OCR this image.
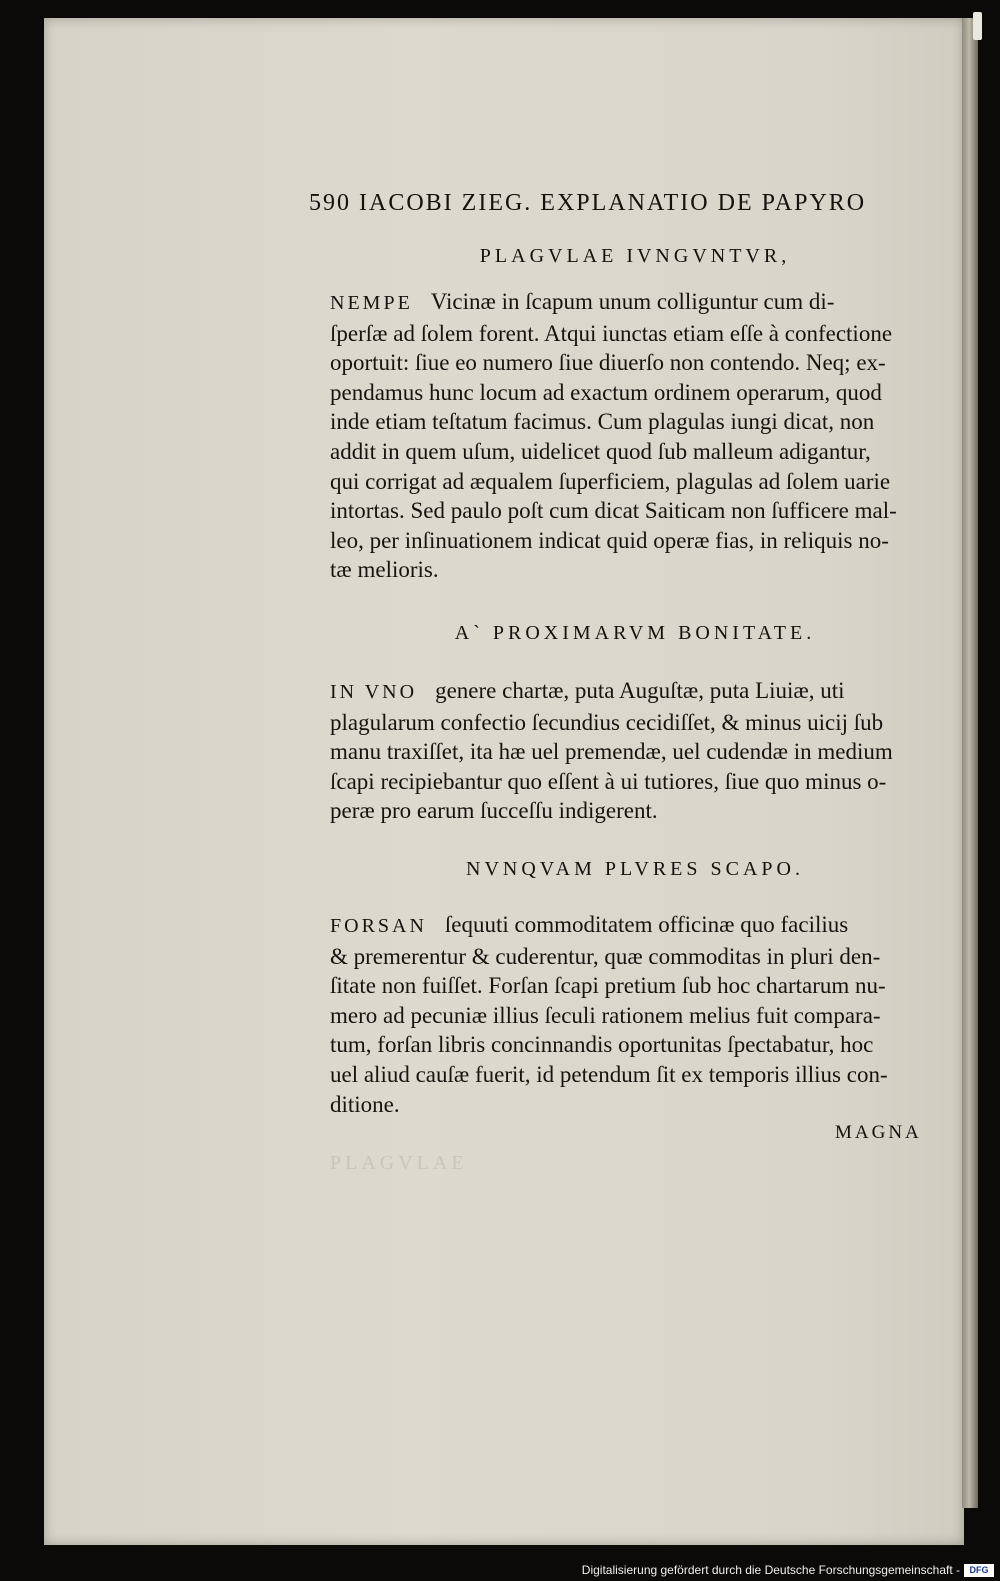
590 IACOBI ZIEG. EXPLANATIO DE PAPYRO
PLAGVLAE IVNGVNTVR,
NEMPE Vicinæ in ſcapum unum colliguntur cum di-
ſperſæ ad ſolem forent. Atqui iunctas etiam eſſe à confectione
oportuit: ſiue eo numero ſiue diuerſo non contendo. Neq; ex-
pendamus hunc locum ad exactum ordinem operarum, quod
inde etiam teſtatum facimus. Cum plagulas iungi dicat, non
addit in quem uſum, uidelicet quod ſub malleum adigantur,
qui corrigat ad æqualem ſuperficiem, plagulas ad ſolem uarie
intortas. Sed paulo poſt cum dicat Saiticam non ſufficere mal-
leo, per inſinuationem indicat quid operæ fias, in reliquis no-
tæ melioris.
A` PROXIMARVM BONITATE.
IN VNO genere chartæ, puta Auguſtæ, puta Liuiæ, uti
plagularum confectio ſecundius cecidiſſet, & minus uicij ſub
manu traxiſſet, ita hæ uel premendæ, uel cudendæ in medium
ſcapi recipiebantur quo eſſent à ui tutiores, ſiue quo minus o-
peræ pro earum ſucceſſu indigerent.
NVNQVAM PLVRES SCAPO.
FORSAN ſequuti commoditatem officinæ quo facilius
& premerentur & cuderentur, quæ commoditas in pluri den-
ſitate non fuiſſet. Forſan ſcapi pretium ſub hoc chartarum nu-
mero ad pecuniæ illius ſeculi rationem melius fuit compara-
tum, forſan libris concinnandis oportunitas ſpectabatur, hoc
uel aliud cauſæ fuerit, id petendum ſit ex temporis illius con-
ditione.
MAGNA
PLAGVLAE
Digitalisierung gefördert durch die Deutsche Forschungsgemeinschaft -	DFG
